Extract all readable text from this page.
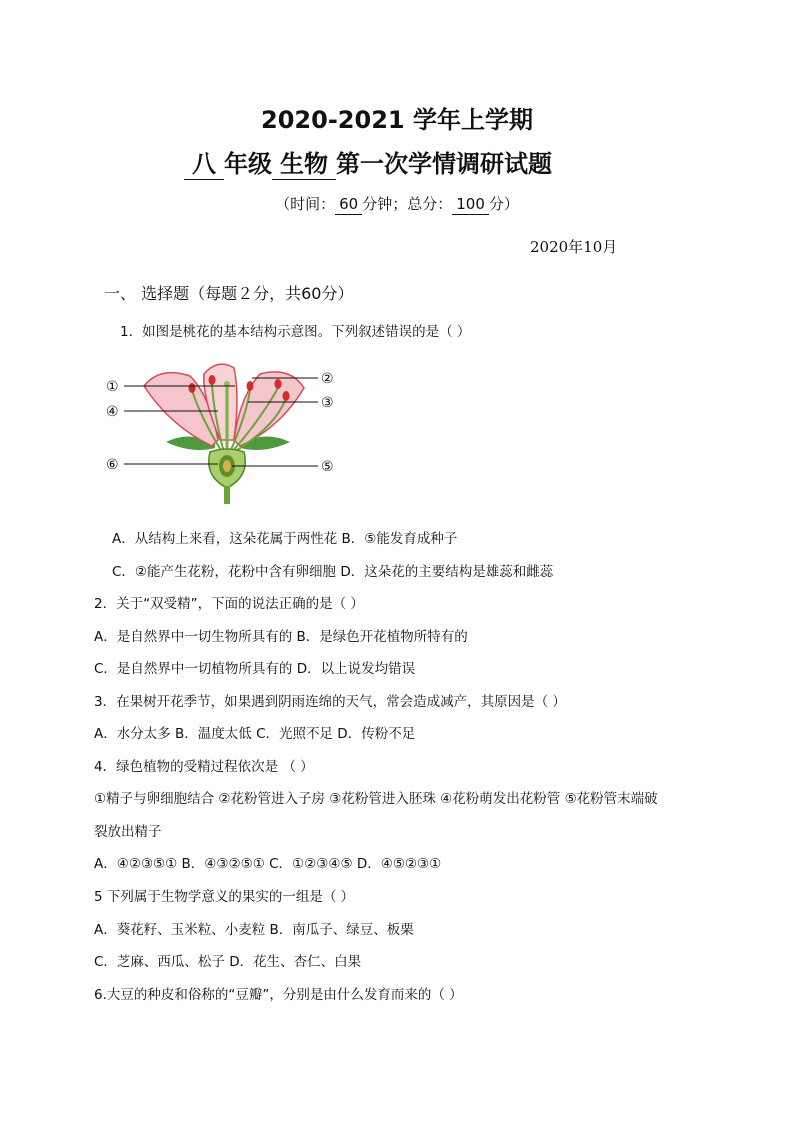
2020-2021 学年上学期
八 年级 生物 第一次学情调研试题
（时间： 60 分钟；总分： 100 分）
2020年10月
一、 选择题（每题２分，共60分）
1．如图是桃花的基本结构示意图。下列叙述错误的是（ ）
①	②
③
④
⑤
⑥
A．从结构上来看，这朵花属于两性花 B．⑤能发育成种子
C．②能产生花粉，花粉中含有卵细胞 D．这朵花的主要结构是雄蕊和雌蕊
2．关于“双受精”，下面的说法正确的是（ ）
A．是自然界中一切生物所具有的 B．是绿色开花植物所特有的
C．是自然界中一切植物所具有的 D．以上说发均错误
3．在果树开花季节，如果遇到阴雨连绵的天气，常会造成减产，其原因是（ ）
A．水分太多 B．温度太低 C．光照不足 D．传粉不足
4．绿色植物的受精过程依次是 （ ）
①精子与卵细胞结合 ②花粉管进入子房 ③花粉管进入胚珠 ④花粉萌发出花粉管 ⑤花粉管末端破
裂放出精子
A．④②③⑤① B．④③②⑤① C．①②③④⑤ D．④⑤②③①
5 下列属于生物学意义的果实的一组是（ ）
A．葵花籽、玉米粒、小麦粒 B．南瓜子、绿豆、板栗
C．芝麻、西瓜、松子 D．花生、杏仁、白果
6.大豆的种皮和俗称的“豆瓣”，分别是由什么发育而来的（ ）
